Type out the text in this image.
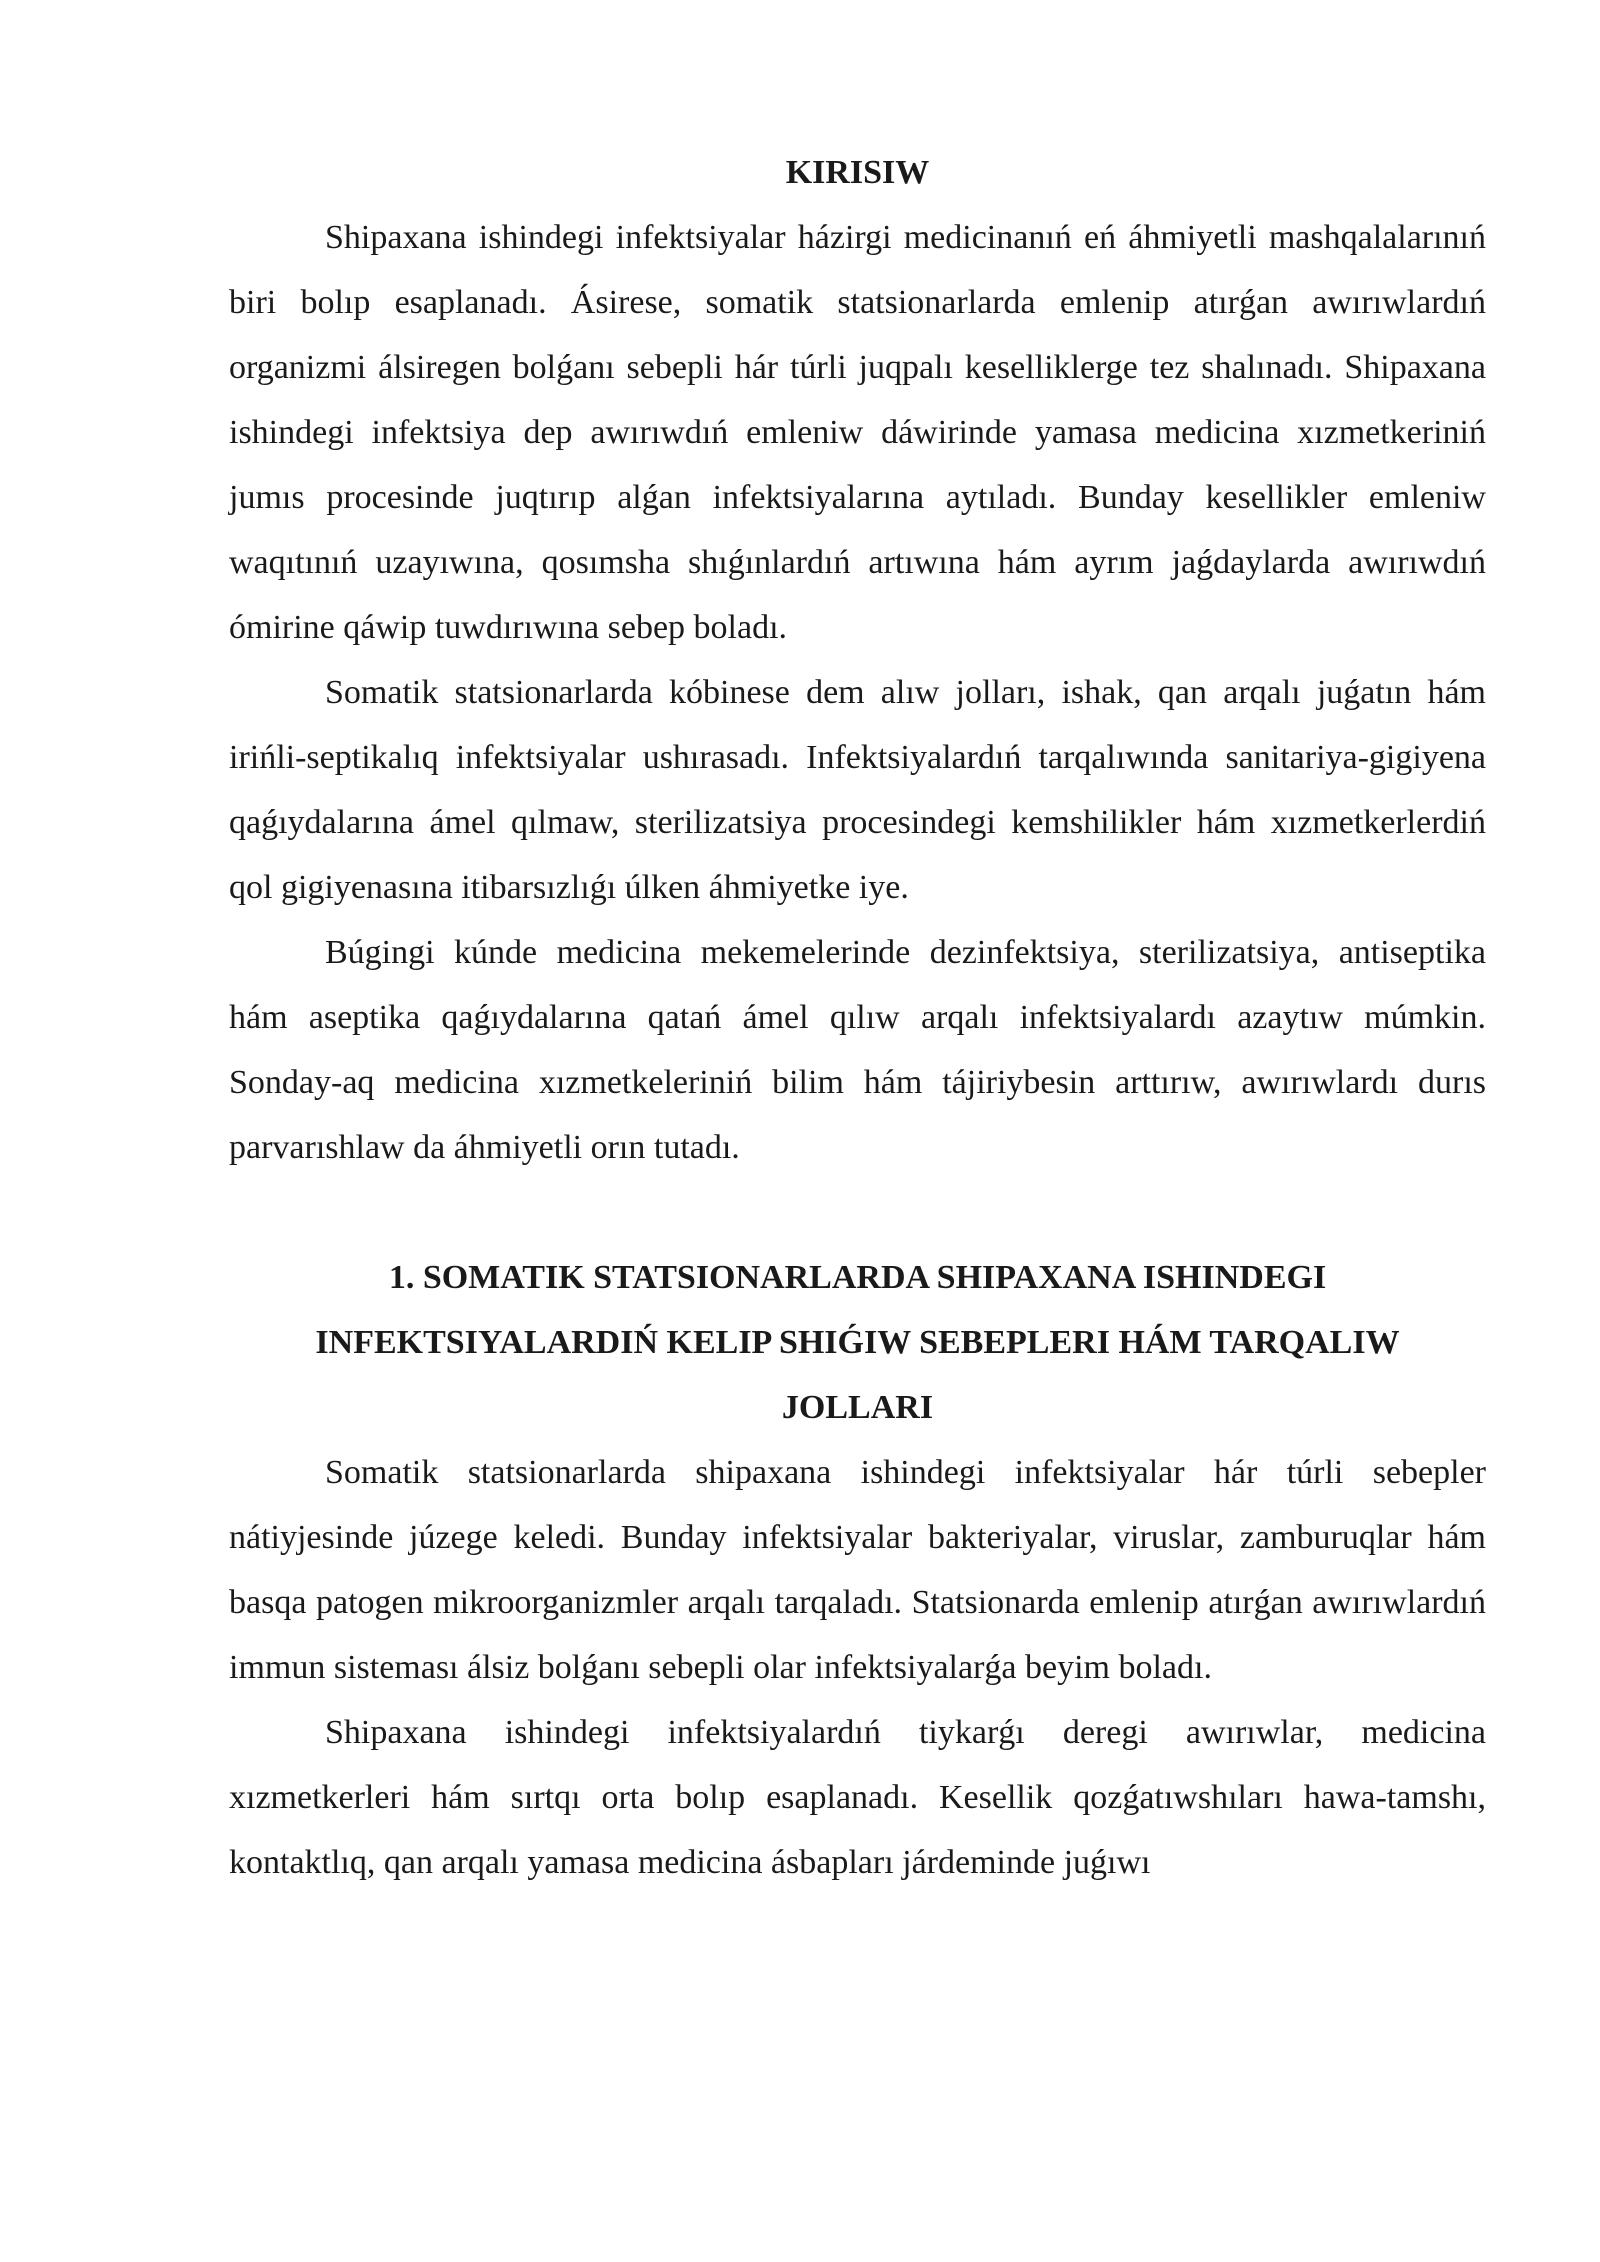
KIRISIW

Shipaxana ishindegi infektsiyalar házirgi medicinanıń eń áhmiyetli mashqalalarınıń biri bolıp esaplanadı. Ásirese, somatik statsionarlarda emlenip atırǵan awırıwlardıń organizmi álsiregen bolǵanı sebepli hár túrli juqpalı keselliklerge tez shalınadı. Shipaxana ishindegi infektsiya dep awırıwdıń emleniw dáwirinde yamasa medicina xızmetkeriniń jumıs procesinde juqtırıp alǵan infektsiyalarına aytıladı. Bunday kesellikler emleniw waqıtınıń uzayıwına, qosımsha shıǵınlardıń artıwına hám ayrım jaǵdaylarda awırıwdıń ómirine qáwip tuwdırıwına sebep boladı.

Somatik statsionarlarda kóbinese dem alıw jolları, ishak, qan arqalı juǵatın hám irińli-septikalıq infektsiyalar ushırasadı. Infektsiyalardıń tarqalıwında sanitariya-gigiyena qaǵıydalarına ámel qılmaw, sterilizatsiya procesindegi kemshilikler hám xızmetkerlerdiń qol gigiyenasına itibarsızlıǵı úlken áhmiyetke iye.

Búgingi kúnde medicina mekemelerinde dezinfektsiya, sterilizatsiya, antiseptika hám aseptika qaǵıydalarına qatań ámel qılıw arqalı infektsiyalardı azaytıw múmkin. Sonday-aq medicina xızmetkeleriniń bilim hám tájiriybesin arttırıw, awırıwlardı durıs parvarıshlaw da áhmiyetli orın tutadı.

1. SOMATIK STATSIONARLARDA SHIPAXANA ISHINDEGI INFEKTSIYALARDIŃ KELIP SHIǴIW SEBEPLERI HÁM TARQALIW JOLLARI

Somatik statsionarlarda shipaxana ishindegi infektsiyalar hár túrli sebepler nátiyjesinde júzege keledi. Bunday infektsiyalar bakteriyalar, viruslar, zamburuqlar hám basqa patogen mikroorganizmler arqalı tarqaladı. Statsionarda emlenip atırǵan awırıwlardıń immun sisteması álsiz bolǵanı sebepli olar infektsiyalarǵa beyim boladı.

Shipaxana ishindegi infektsiyalardıń tiykarǵı deregi awırıwlar, medicina xızmetkerleri hám sırtqı orta bolıp esaplanadı. Kesellik qozǵatıwshıları hawa-tamshı, kontaktlıq, qan arqalı yamasa medicina ásbapları járdeminde juǵıwı
